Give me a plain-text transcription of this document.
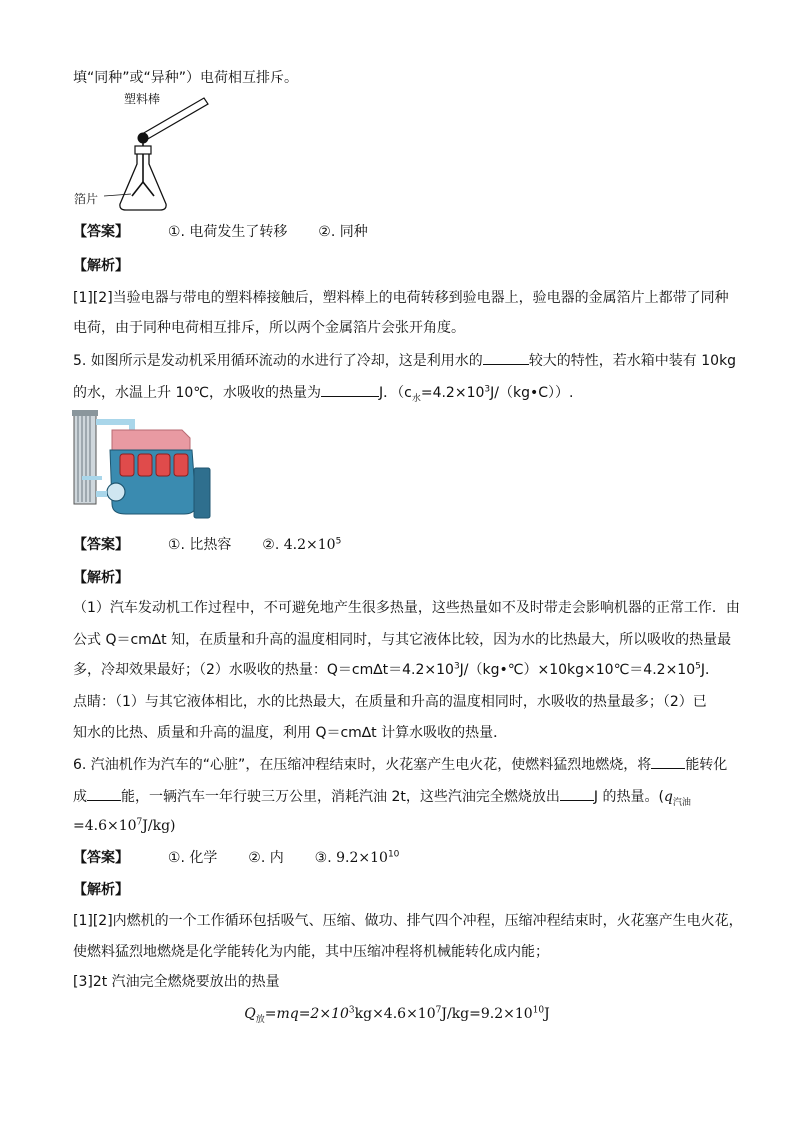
填“同种”或“异种”）电荷相互排斥。
塑料棒
箔片
【答案】	①. 电荷发生了转移 ②. 同种
【解析】
[1][2]当验电器与带电的塑料棒接触后，塑料棒上的电荷转移到验电器上，验电器的金属箔片上都带了同种
电荷，由于同种电荷相互排斥，所以两个金属箔片会张开角度。
5. 如图所示是发动机采用循环流动的水进行了冷却，这是利用水的	较大的特性，若水箱中装有 10kg
的水，水温上升 10℃，水吸收的热量为	J．$(c_水=4.2\times 10^3J/(kg•C))$.
【答案】	①. 比热容 ②. $4.2\times 10^5$
【解析】
（1）汽车发动机工作过程中，不可避免地产生很多热量，这些热量如不及时带走会影响机器的正常工作．由
公式 Q＝cm∆t 知，在质量和升高的温度相同时，与其它液体比较，因为水的比热最大，所以吸收的热量最
多，冷却效果最好；（2）水吸收的热量：$Q=cm\Delta t=4.2\times 10^3J/(kg•℃)\times 10kg\times 10℃=4.2\times 10^5J$．
点睛：（1）与其它液体相比，水的比热最大，在质量和升高的温度相同时，水吸收的热量最多；（2）已
知水的比热、质量和升高的温度，利用 Q＝cm∆t 计算水吸收的热量．
6. 汽油机作为汽车的“心脏”，在压缩冲程结束时，火花塞产生电火花，使燃料猛烈地燃烧，将 能转化
成 能，一辆汽车一年行驶三万公里，消耗汽油 2t，这些汽油完全燃烧放出 J 的热量。($q_{汽油}$
$=4.6\times 10^7J/kg$)
【答案】	①. 化学 ②. 内 ③. $9.2\times 10^{10}$
【解析】
[1][2]内燃机的一个工作循环包括吸气、压缩、做功、排气四个冲程，压缩冲程结束时，火花塞产生电火花，
使燃料猛烈地燃烧是化学能转化为内能，其中压缩冲程将机械能转化成内能；
[3]2t 汽油完全燃烧要放出的热量
$Q_放=mq=2\times 10^3kg\times 4.6\times 10^7J/kg=9.2\times 10^{10}J$
